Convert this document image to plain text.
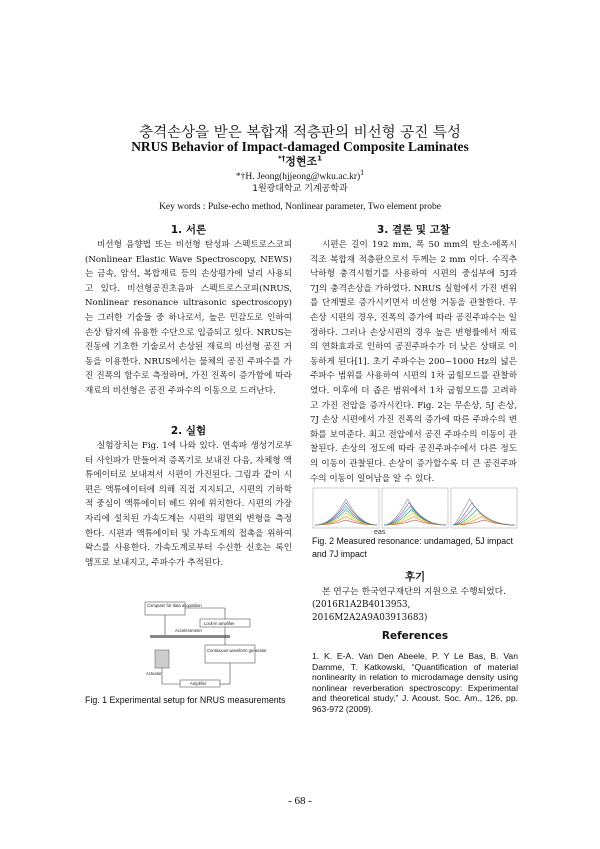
충격손상을 받은 복합재 적층판의 비선형 공진 특성
NRUS Behavior of Impact-damaged Composite Laminates
*†정현조$^1$
*†H. Jeong(hjjeong@wku.ac.kr)$^1$
1원광대학교 기계공학과
Key words : Pulse-echo method, Nonlinear parameter, Two element probe
1. 서론

비선형 음향법 또는 비선형 탄성파 스펙트로스코피(Nonlinear Elastic Wave Spectroscopy, NEWS)는 금속, 암석, 복합재료 등의 손상평가에 널리 사용되고 있다. 비선형공진초음파 스펙트로스코피(NRUS, Nonlinear resonance ultrasonic spectroscopy)는 그러한 기술들 중 하나로서, 높은 민감도로 인하여 손상 탐지에 유용한 수단으로 입증되고 있다. NRUS는 진동에 기초한 기술로서 손상된 재료의 비선형 공진 거동을 이용한다. NRUS에서는 물체의 공진 주파수를 가진 진폭의 함수로 측정하며, 가진 진폭이 증가함에 따라 재료의 비선형은 공진 주파수의 이동으로 드러난다.

2. 실험

실험장치는 Fig. 1에 나와 있다. 연속파 생성기로부터 사인파가 만들어져 증폭기로 보내진 다음, 자체형 액튜에이터로 보내져서 시편이 가진된다. 그림과 같이 시편은 액튜에이터에 의해 직접 지지되고, 시편의 기하학적 중심이 액튜에이터 헤드 위에 위치한다. 시편의 가장자리에 설치된 가속도계는 시편의 평면외 변형을 측정한다. 시편과 액튜에이터 및 가속도계의 접촉을 위하여 왁스를 사용한다. 가속도계로부터 수신한 신호는 록인 앰프로 보내지고, 주파수가 추적된다.

Computer for data acquisition
Lock-in amplifier
Accelerometer
Continuous waveform generator
Actuator
Amplifier
Fig. 1 Experimental setup for NRUS measurements
3. 결론 및 고찰

시편은 길이 192 mm, 폭 50 mm의 탄소-에폭시 직조 복합재 적층판으로서 두께는 2 mm 이다. 수직추 낙하형 충격시험기를 사용하여 시편의 중심부에 5J과 7J의 충격손상을 가하였다. NRUS 실험에서 가진 변위를 단계별로 증가시키면서 비선형 거동을 관찰한다. 무손상 시편의 경우, 진폭의 증가에 따라 공진주파수는 일정하다. 그러나 손상시편의 경우 높은 변형률에서 재료의 연화효과로 인하여 공진주파수가 더 낮은 상태로 이동하게 된다[1]. 초기 주파수는 200~1000 Hz의 넓은 주파수 범위를 사용하여 시편의 1차 굽힘모드를 관찰하였다. 이후에 더 좁은 범위에서 1차 굽힘모드를 고려하고 가진 전압을 증가시킨다. Fig. 2는 무손상, 5J 손상, 7J 손상 시편에서 가진 진폭의 증가에 따른 주파수의 변화를 보여준다. 최고 전압에서 공진 주파수의 이동이 관찰된다. 손상의 정도에 따라 공진주파수에서 다른 정도의 이동이 관찰된다. 손상이 증가할수록 더 큰 공진주파수의 이동이 일어남을 알 수 있다.

eas
Fig. 2 Measured resonance: undamaged, 5J impact and 7J impact
후기

본 연구는 한국연구재단의 지원으로 수행되었다. (2016R1A2B4013953, 2016M2A2A9A03913683)

References
1. K. E-A. Van Den Abeele, P. Y Le Bas, B. Van Damme, T. Katkowski, “Quantification of material nonlinearity in relation to microdamage density using nonlinear reverberation spectroscopy: Experimental and theoretical study,” J. Acoust. Soc. Am., 126, pp. 963-972 (2009).
- 68 -
